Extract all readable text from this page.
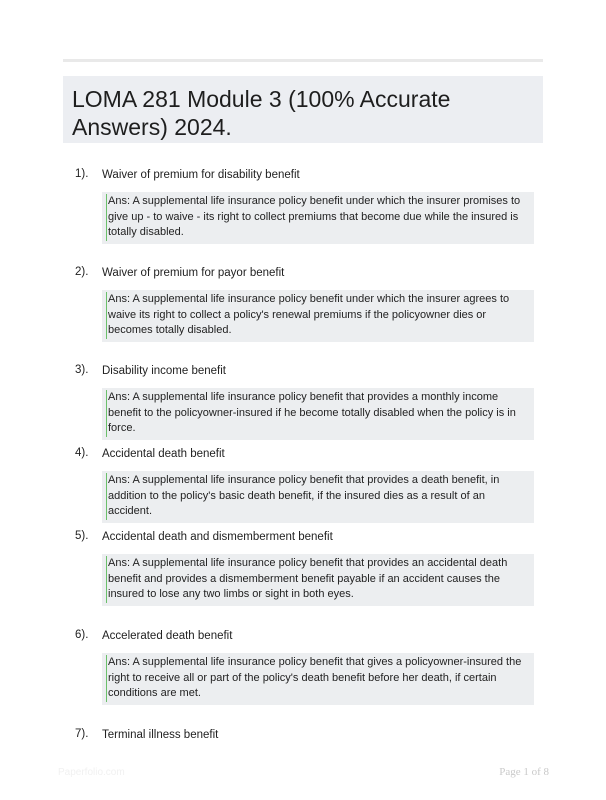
LOMA 281 Module 3 (100% Accurate Answers) 2024.
1). Waiver of premium for disability benefit

Ans: A supplemental life insurance policy benefit under which the insurer promises to give up - to waive - its right to collect premiums that become due while the insured is totally disabled.

2). Waiver of premium for payor benefit

Ans: A supplemental life insurance policy benefit under which the insurer agrees to waive its right to collect a policy's renewal premiums if the policyowner dies or becomes totally disabled.

3). Disability income benefit

Ans: A supplemental life insurance policy benefit that provides a monthly income benefit to the policyowner-insured if he become totally disabled when the policy is in force.

4). Accidental death benefit

Ans: A supplemental life insurance policy benefit that provides a death benefit, in addition to the policy's basic death benefit, if the insured dies as a result of an accident.

5). Accidental death and dismemberment benefit

Ans: A supplemental life insurance policy benefit that provides an accidental death benefit and provides a dismemberment benefit payable if an accident causes the insured to lose any two limbs or sight in both eyes.

6). Accelerated death benefit

Ans: A supplemental life insurance policy benefit that gives a policyowner-insured the right to receive all or part of the policy's death benefit before her death, if certain conditions are met.

7). Terminal illness benefit
Paperfolio.com	Page 1 of 8
